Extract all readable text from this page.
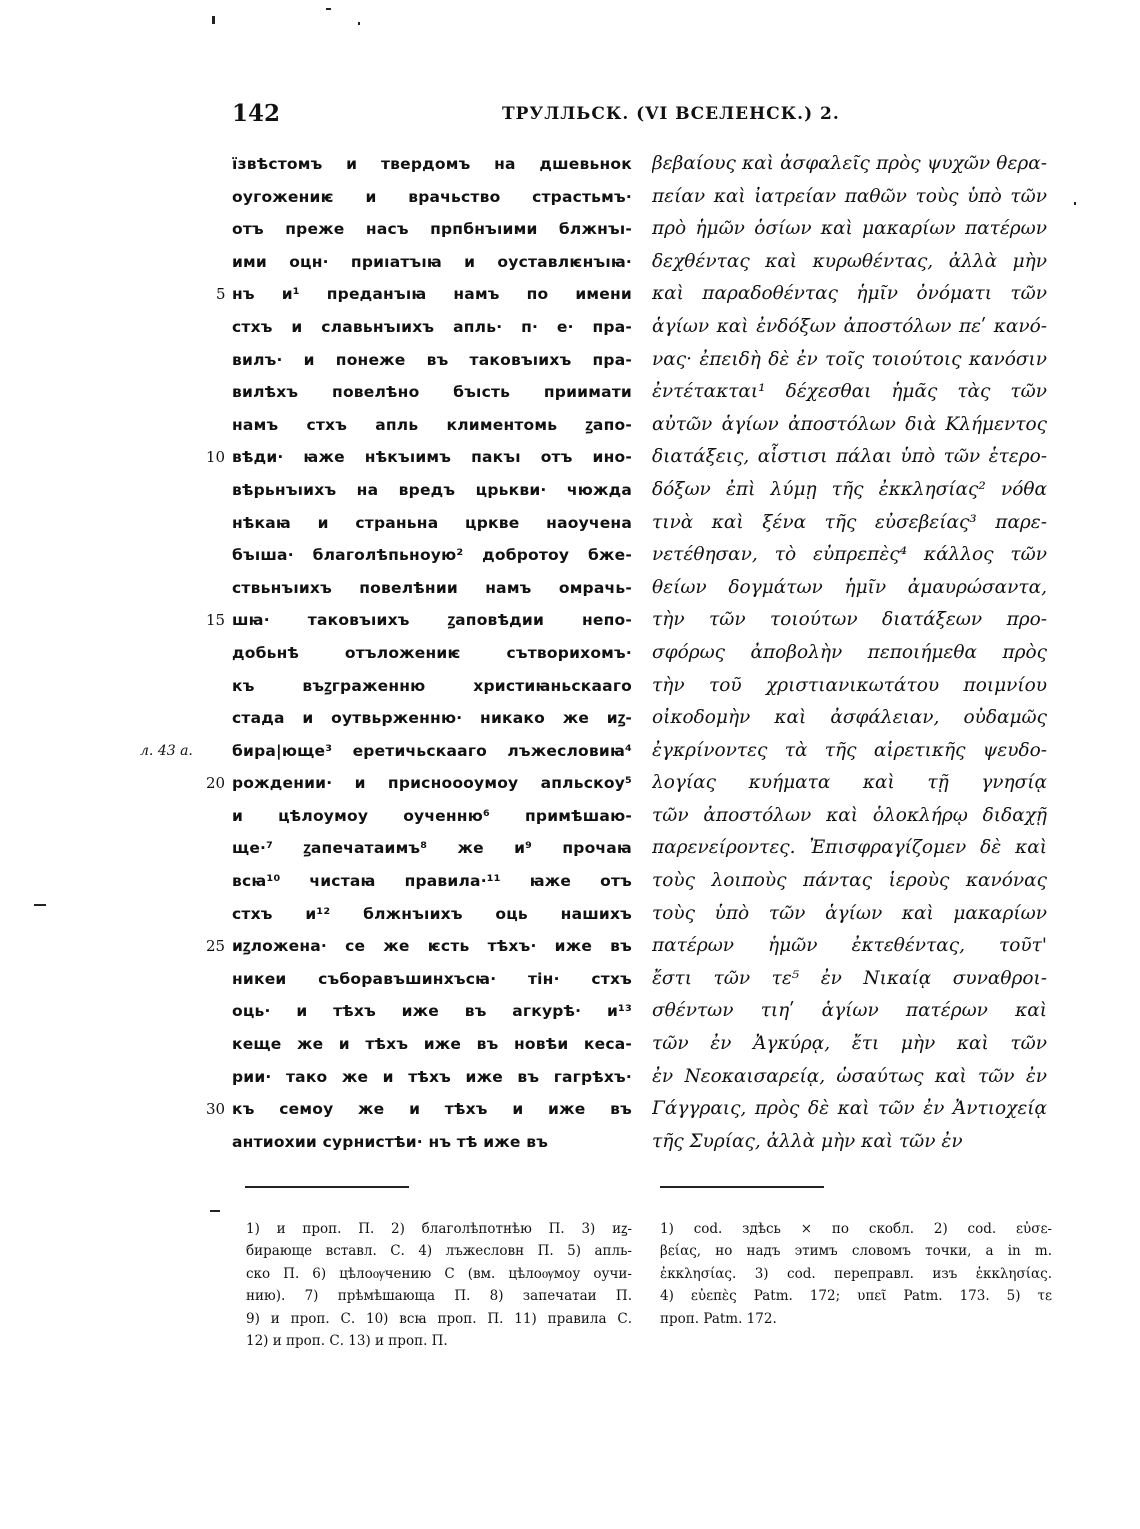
142	ТРУЛЛЬСК. (VI ВСЕЛЕНСК.) 2.
їзвѣстомъ и твердомъ на дшевьнок
оугожениѥ и врачьство страстьмъ·
отъ преже насъ прпбнъıими блжнъı-
ими оцн· приıатъıꙗ и оуставлѥнъıꙗ·
нъ и¹ преданъıꙗ намъ по имени
стхъ и славьнъıихъ апль· п· е· пра-
вилъ· и понеже въ таковъıихъ пра-
вилѣхъ повелѣно бъıсть приимати
намъ стхъ апль климентомь ꙁапо-
вѣди· ꙗже нѣкъıимъ пакъı отъ ино-
вѣрьнъıихъ на вредъ црькви· чюжда
нѣкаꙗ и страньна цркве наоучена
бъıша· благолѣпьноую² добротоу бже-
ствьнъıихъ повелѣнии намъ омрачь-
шꙗ· таковъıихъ ꙁаповѣдии непо-
добьнѣ отъложениѥ сътворихомъ·
къ въꙁграженню христиꙗньскааго
стада и оутвьрженню· никако же иꙁ-
бира|юще³ еретичьскааго лъжесловиꙗ⁴
рождении· и присноооумоу апльскоу⁵
и цѣлоумоу оученню⁶ примѣшаю-
ще·⁷ ꙁапечатаимъ⁸ же и⁹ прочаꙗ
всꙗ¹⁰ чистаꙗ правила·¹¹ ꙗже отъ
стхъ и¹² блжнъıихъ оць нашихъ
иꙁложена· се же ѥсть тѣхъ· иже въ
никеи съборавъшинхъсꙗ· тін· стхъ
оць· и тѣхъ иже въ агкурѣ· и¹³
кеще же и тѣхъ иже въ новѣи кеса-
рии· тако же и тѣхъ иже въ гагрѣхъ·
къ семоу же и тѣхъ и иже въ
антиохии сурнистѣи· нъ тѣ иже въ
5
10
15
20
25
30
л. 43 а.
βεβαίους καὶ ἀσφαλεῖς πρὸς ψυχῶν θερα-
πείαν καὶ ἰατρείαν παθῶν τοὺς ὑπὸ τῶν
πρὸ ἡμῶν ὁσίων καὶ μακαρίων πατέρων
δεχθέντας καὶ κυρωθέντας, ἀλλὰ μὴν
καὶ παραδοθέντας ἡμῖν ὀνόματι τῶν
ἁγίων καὶ ἐνδόξων ἀποστόλων πεʹ κανό-
νας· ἐπειδὴ δὲ ἐν τοῖς τοιούτοις κανόσιν
ἐντέτακται¹ δέχεσθαι ἡμᾶς τὰς τῶν
αὐτῶν ἁγίων ἀποστόλων διὰ Κλήμεντος
διατάξεις, αἷστισι πάλαι ὑπὸ τῶν ἑτερο-
δόξων ἐπὶ λύμῃ τῆς ἐκκλησίας² νόθα
τινὰ καὶ ξένα τῆς εὐσεβείας³ παρε-
νετέθησαν, τὸ εὐπρεπὲς⁴ κάλλος τῶν
θείων δογμάτων ἡμῖν ἀμαυρώσαντα,
τὴν τῶν τοιούτων διατάξεων προ-
σφόρως ἀποβολὴν πεποιήμεθα πρὸς
τὴν τοῦ χριστιανικωτάτου ποιμνίου
οἰκοδομὴν καὶ ἀσφάλειαν, οὐδαμῶς
ἐγκρίνοντες τὰ τῆς αἱρετικῆς ψευδο-
λογίας κυήματα καὶ τῇ γνησίᾳ
τῶν ἀποστόλων καὶ ὁλοκλήρῳ διδαχῇ
παρενείροντες. Ἐπισφραγίζομεν δὲ καὶ
τοὺς λοιποὺς πάντας ἱεροὺς κανόνας
τοὺς ὑπὸ τῶν ἁγίων καὶ μακαρίων
πατέρων ἡμῶν ἐκτεθέντας, τοῦτ'
ἔστι τῶν τε⁵ ἐν Νικαίᾳ συναθροι-
σθέντων τιηʹ ἁγίων πατέρων καὶ
τῶν ἐν Ἀγκύρᾳ, ἔτι μὴν καὶ τῶν
ἐν Νεοκαισαρείᾳ, ὡσαύτως καὶ τῶν ἐν
Γάγγραις, πρὸς δὲ καὶ τῶν ἐν Ἀντιοχείᾳ
τῆς Συρίας, ἀλλὰ μὴν καὶ τῶν ἐν
1) и проп. П. 2) благолѣпотнѣю П. 3) иꙁ-
бирающе вставл. С. 4) лъжесловн П. 5) апль-
ско П. 6) цѣлоѹчению С (вм. цѣлоѹмоу оучи-
нию). 7) прѣмѣшающа П. 8) запечатаи П.
9) и проп. С. 10) всꙗ проп. П. 11) правила С.
12) и проп. С. 13) и проп. П.
1) cod. здѣсь × по скобл. 2) cod. εὐσε-
βείας, но надъ этимъ словомъ точки, а in m.
ἐκκλησίας. 3) cod. переправл. изъ ἐκκλησίας.
4) εὐεπὲς Patm. 172; υπεῖ Patm. 173. 5) τε
проп. Patm. 172.
